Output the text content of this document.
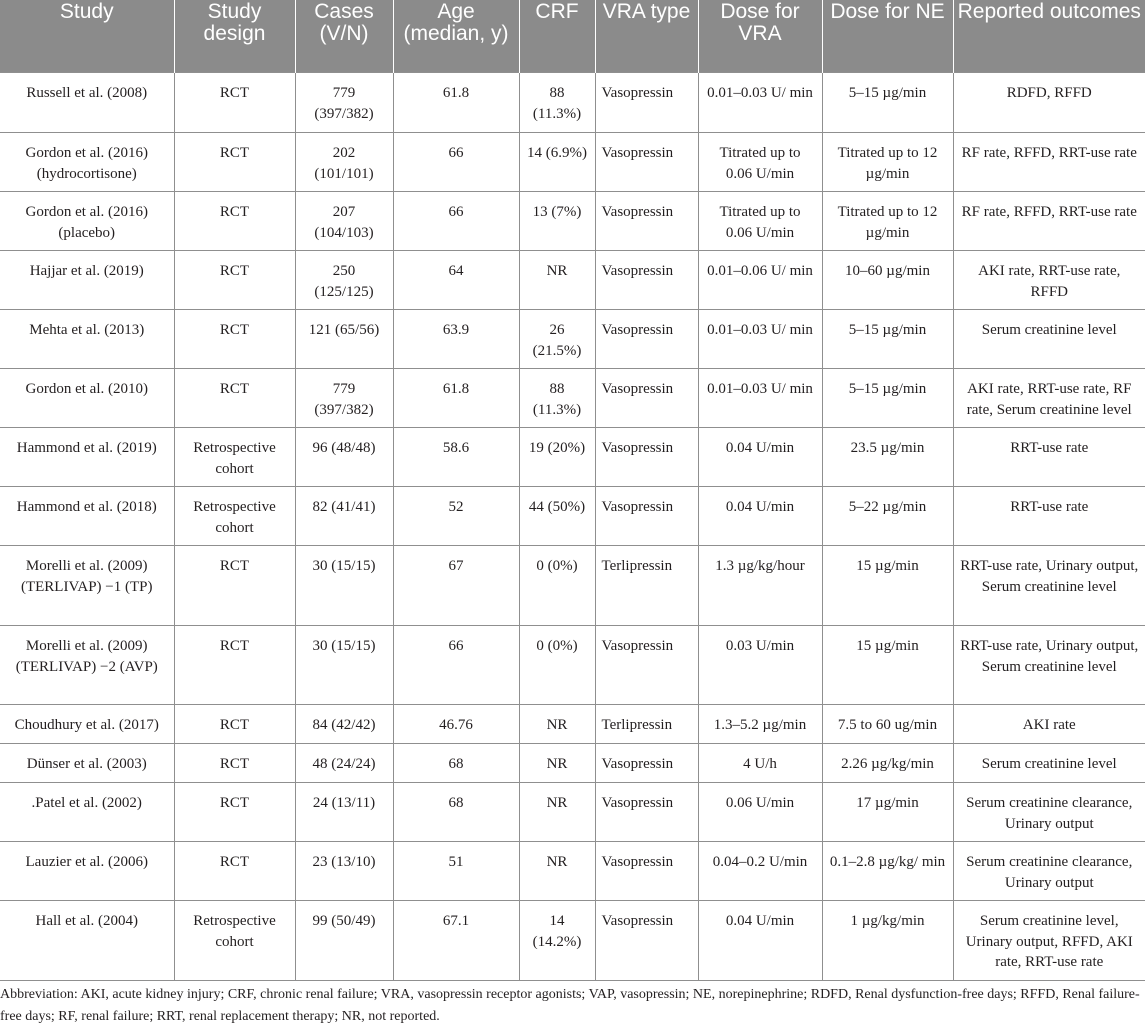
Study	Study design	Cases (V/N)	Age (median, y)	CRF	VRA type	Dose for VRA	Dose for NE	Reported outcomes
Russell et al. (2008)	RCT	779 (397/382)	61.8	88 (11.3%)	Vasopressin	0.01–0.03 U/ min	5–15 µg/min	RDFD, RFFD
Gordon et al. (2016) (hydrocortisone)	RCT	202 (101/101)	66	14 (6.9%)	Vasopressin	Titrated up to 0.06 U/min	Titrated up to 12 µg/min	RF rate, RFFD, RRT-use rate
Gordon et al. (2016) (placebo)	RCT	207 (104/103)	66	13 (7%)	Vasopressin	Titrated up to 0.06 U/min	Titrated up to 12 µg/min	RF rate, RFFD, RRT-use rate
Hajjar et al. (2019)	RCT	250 (125/125)	64	NR	Vasopressin	0.01–0.06 U/ min	10–60 µg/min	AKI rate, RRT-use rate, RFFD
Mehta et al. (2013)	RCT	121 (65/56)	63.9	26 (21.5%)	Vasopressin	0.01–0.03 U/ min	5–15 µg/min	Serum creatinine level
Gordon et al. (2010)	RCT	779 (397/382)	61.8	88 (11.3%)	Vasopressin	0.01–0.03 U/ min	5–15 µg/min	AKI rate, RRT-use rate, RF rate, Serum creatinine level
Hammond et al. (2019)	Retrospective cohort	96 (48/48)	58.6	19 (20%)	Vasopressin	0.04 U/min	23.5 µg/min	RRT-use rate
Hammond et al. (2018)	Retrospective cohort	82 (41/41)	52	44 (50%)	Vasopressin	0.04 U/min	5–22 µg/min	RRT-use rate
Morelli et al. (2009) (TERLIVAP) −1 (TP)	RCT	30 (15/15)	67	0 (0%)	Terlipressin	1.3 µg/kg/hour	15 µg/min	RRT-use rate, Urinary output, Serum creatinine level
Morelli et al. (2009) (TERLIVAP) −2 (AVP)	RCT	30 (15/15)	66	0 (0%)	Vasopressin	0.03 U/min	15 µg/min	RRT-use rate, Urinary output, Serum creatinine level
Choudhury et al. (2017)	RCT	84 (42/42)	46.76	NR	Terlipressin	1.3–5.2 µg/min	7.5 to 60 ug/min	AKI rate
Dünser et al. (2003)	RCT	48 (24/24)	68	NR	Vasopressin	4 U/h	2.26 µg/kg/min	Serum creatinine level
.Patel et al. (2002)	RCT	24 (13/11)	68	NR	Vasopressin	0.06 U/min	17 µg/min	Serum creatinine clearance, Urinary output
Lauzier et al. (2006)	RCT	23 (13/10)	51	NR	Vasopressin	0.04–0.2 U/min	0.1–2.8 µg/kg/ min	Serum creatinine clearance, Urinary output
Hall et al. (2004)	Retrospective cohort	99 (50/49)	67.1	14 (14.2%)	Vasopressin	0.04 U/min	1 µg/kg/min	Serum creatinine level, Urinary output, RFFD, AKI rate, RRT-use rate
Abbreviation: AKI, acute kidney injury; CRF, chronic renal failure; VRA, vasopressin receptor agonists; VAP, vasopressin; NE, norepinephrine; RDFD, Renal dysfunction-free days; RFFD, Renal failure-free days; RF, renal failure; RRT, renal replacement therapy; NR, not reported.
